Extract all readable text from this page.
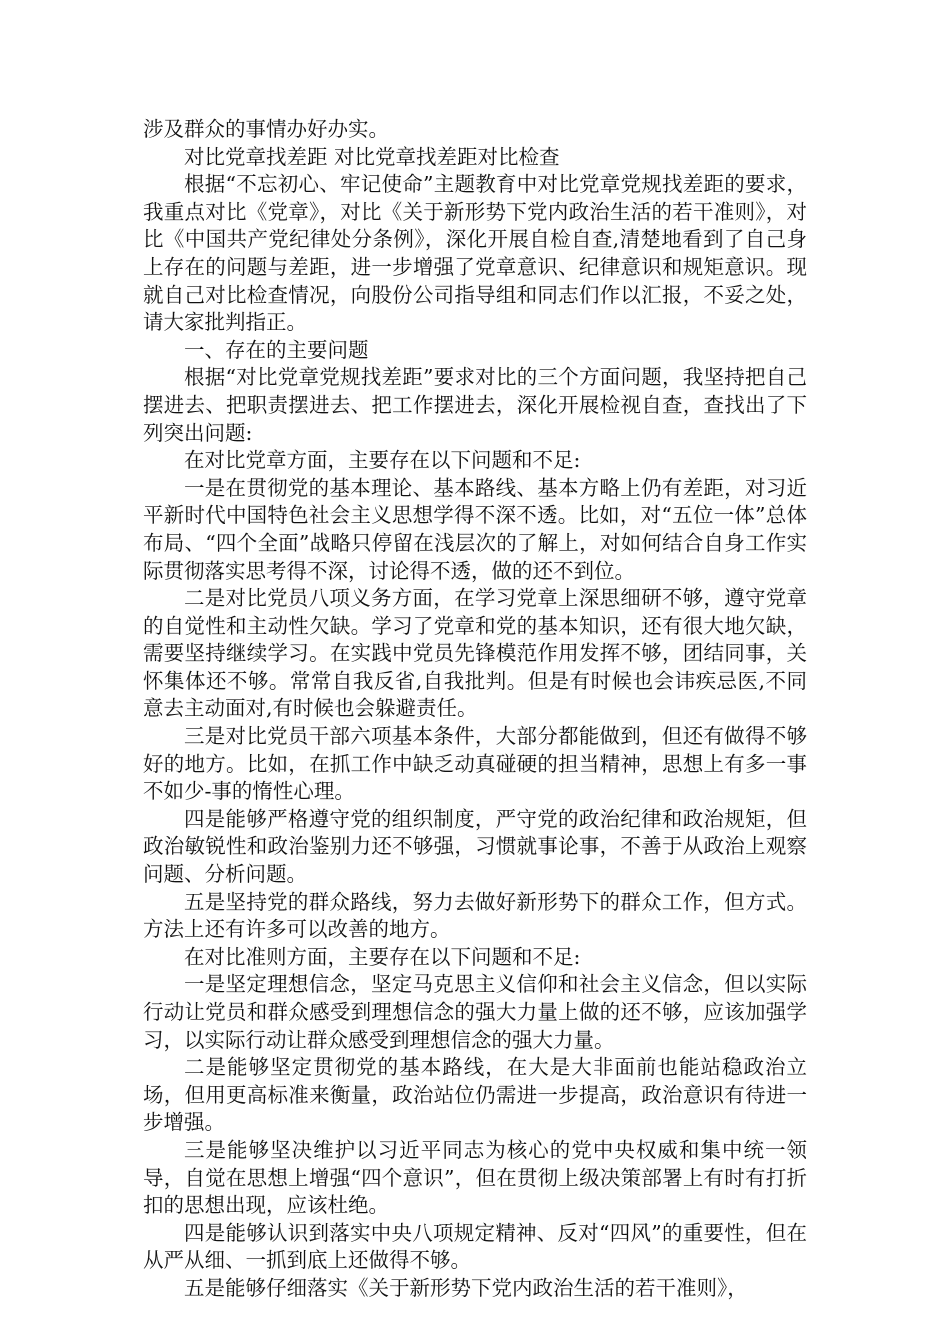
涉及群众的事情办好办实。

对比党章找差距 对比党章找差距对比检查

根据“不忘初心、牢记使命”主题教育中对比党章党规找差距的要求，我重点对比《党章》，对比《关于新形势下党内政治生活的若干准则》，对比《中国共产党纪律处分条例》，深化开展自检自查,清楚地看到了自己身上存在的问题与差距，进一步增强了党章意识、纪律意识和规矩意识。现就自己对比检查情况，向股份公司指导组和同志们作以汇报，不妥之处，请大家批判指正。

一、存在的主要问题

根据“对比党章党规找差距”要求对比的三个方面问题，我坚持把自己摆进去、把职责摆进去、把工作摆进去，深化开展检视自查，查找出了下列突出问题:

在对比党章方面，主要存在以下问题和不足:

一是在贯彻党的基本理论、基本路线、基本方略上仍有差距，对习近平新时代中国特色社会主义思想学得不深不透。比如，对“五位一体”总体布局、“四个全面”战略只停留在浅层次的了解上，对如何结合自身工作实际贯彻落实思考得不深，讨论得不透，做的还不到位。

二是对比党员八项义务方面，在学习党章上深思细研不够，遵守党章的自觉性和主动性欠缺。学习了党章和党的基本知识，还有很大地欠缺，需要坚持继续学习。在实践中党员先锋模范作用发挥不够，团结同事，关怀集体还不够。常常自我反省,自我批判。但是有时候也会讳疾忌医,不同意去主动面对,有时候也会躲避责任。

三是对比党员干部六项基本条件，大部分都能做到，但还有做得不够好的地方。比如，在抓工作中缺乏动真碰硬的担当精神，思想上有多一事不如少-事的惰性心理。

四是能够严格遵守党的组织制度，严守党的政治纪律和政治规矩，但政治敏锐性和政治鉴别力还不够强，习惯就事论事，不善于从政治上观察问题、分析问题。

五是坚持党的群众路线，努力去做好新形势下的群众工作，但方式。方法上还有许多可以改善的地方。

在对比准则方面，主要存在以下问题和不足:

一是坚定理想信念，坚定马克思主义信仰和社会主义信念，但以实际行动让党员和群众感受到理想信念的强大力量上做的还不够，应该加强学习，以实际行动让群众感受到理想信念的强大力量。

二是能够坚定贯彻党的基本路线，在大是大非面前也能站稳政治立场，但用更高标准来衡量，政治站位仍需进一步提高，政治意识有待进一步增强。

三是能够坚决维护以习近平同志为核心的党中央权威和集中统一领导，自觉在思想上增强“四个意识”，但在贯彻上级决策部署上有时有打折扣的思想出现，应该杜绝。

四是能够认识到落实中央八项规定精神、反对“四风”的重要性，但在从严从细、一抓到底上还做得不够。

五是能够仔细落实《关于新形势下党内政治生活的若干准则》，
